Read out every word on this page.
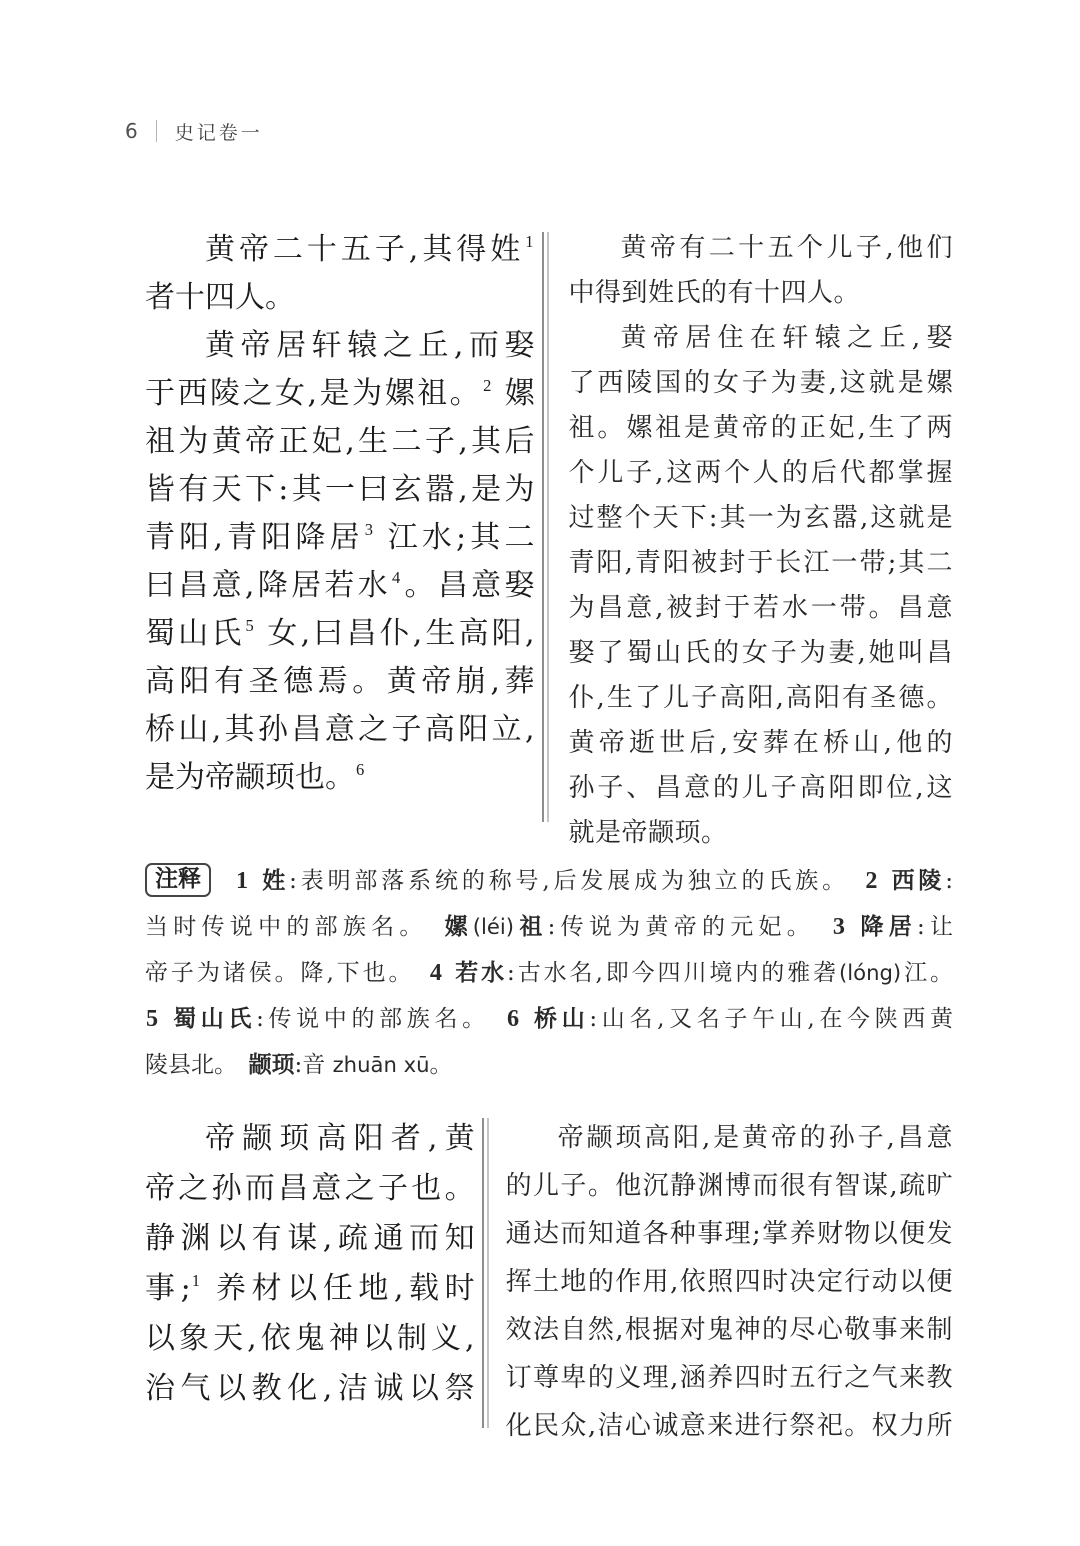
6 史记卷一
黄帝二十五子,其得姓$^1$
者十四人。
黄帝居轩辕之丘,而娶
于西陵之女,是为嫘祖。$^2$ 嫘
祖为黄帝正妃,生二子,其后
皆有天下:其一曰玄嚣,是为
青阳,青阳降居$^3$ 江水;其二
曰昌意,降居若水$^4$。昌意娶
蜀山氏$^5$ 女,曰昌仆,生高阳,
高阳有圣德焉。黄帝崩,葬
桥山,其孙昌意之子高阳立,
是为帝颛顼也。$^6$
黄帝有二十五个儿子,他们
中得到姓氏的有十四人。
黄帝居住在轩辕之丘,娶
了西陵国的女子为妻,这就是嫘
祖。嫘祖是黄帝的正妃,生了两
个儿子,这两个人的后代都掌握
过整个天下:其一为玄嚣,这就是
青阳,青阳被封于长江一带;其二
为昌意,被封于若水一带。昌意
娶了蜀山氏的女子为妻,她叫昌
仆,生了儿子高阳,高阳有圣德。
黄帝逝世后,安葬在桥山,他的
孙子、昌意的儿子高阳即位,这
就是帝颛顼。
注释 1 姓:表明部落系统的称号,后发展成为独立的氏族。　2 西陵:
当时传说中的部族名。　嫘(léi)祖:传说为黄帝的元妃。　3 降居:让
帝子为诸侯。降,下也。　4 若水:古水名,即今四川境内的雅砻(lóng)江。
5 蜀山氏:传说中的部族名。　6 桥山:山名,又名子午山,在今陕西黄
陵县北。　颛顼:音 zhuān xū。
帝颛顼高阳者,黄
帝之孙而昌意之子也。
静渊以有谋,疏通而知
事;$^1$ 养材以任地,载时
以象天,依鬼神以制义,
治气以教化,洁诚以祭
帝颛顼高阳,是黄帝的孙子,昌意
的儿子。他沉静渊博而很有智谋,疏旷
通达而知道各种事理;掌养财物以便发
挥土地的作用,依照四时决定行动以便
效法自然,根据对鬼神的尽心敬事来制
订尊卑的义理,涵养四时五行之气来教
化民众,洁心诚意来进行祭祀。权力所
